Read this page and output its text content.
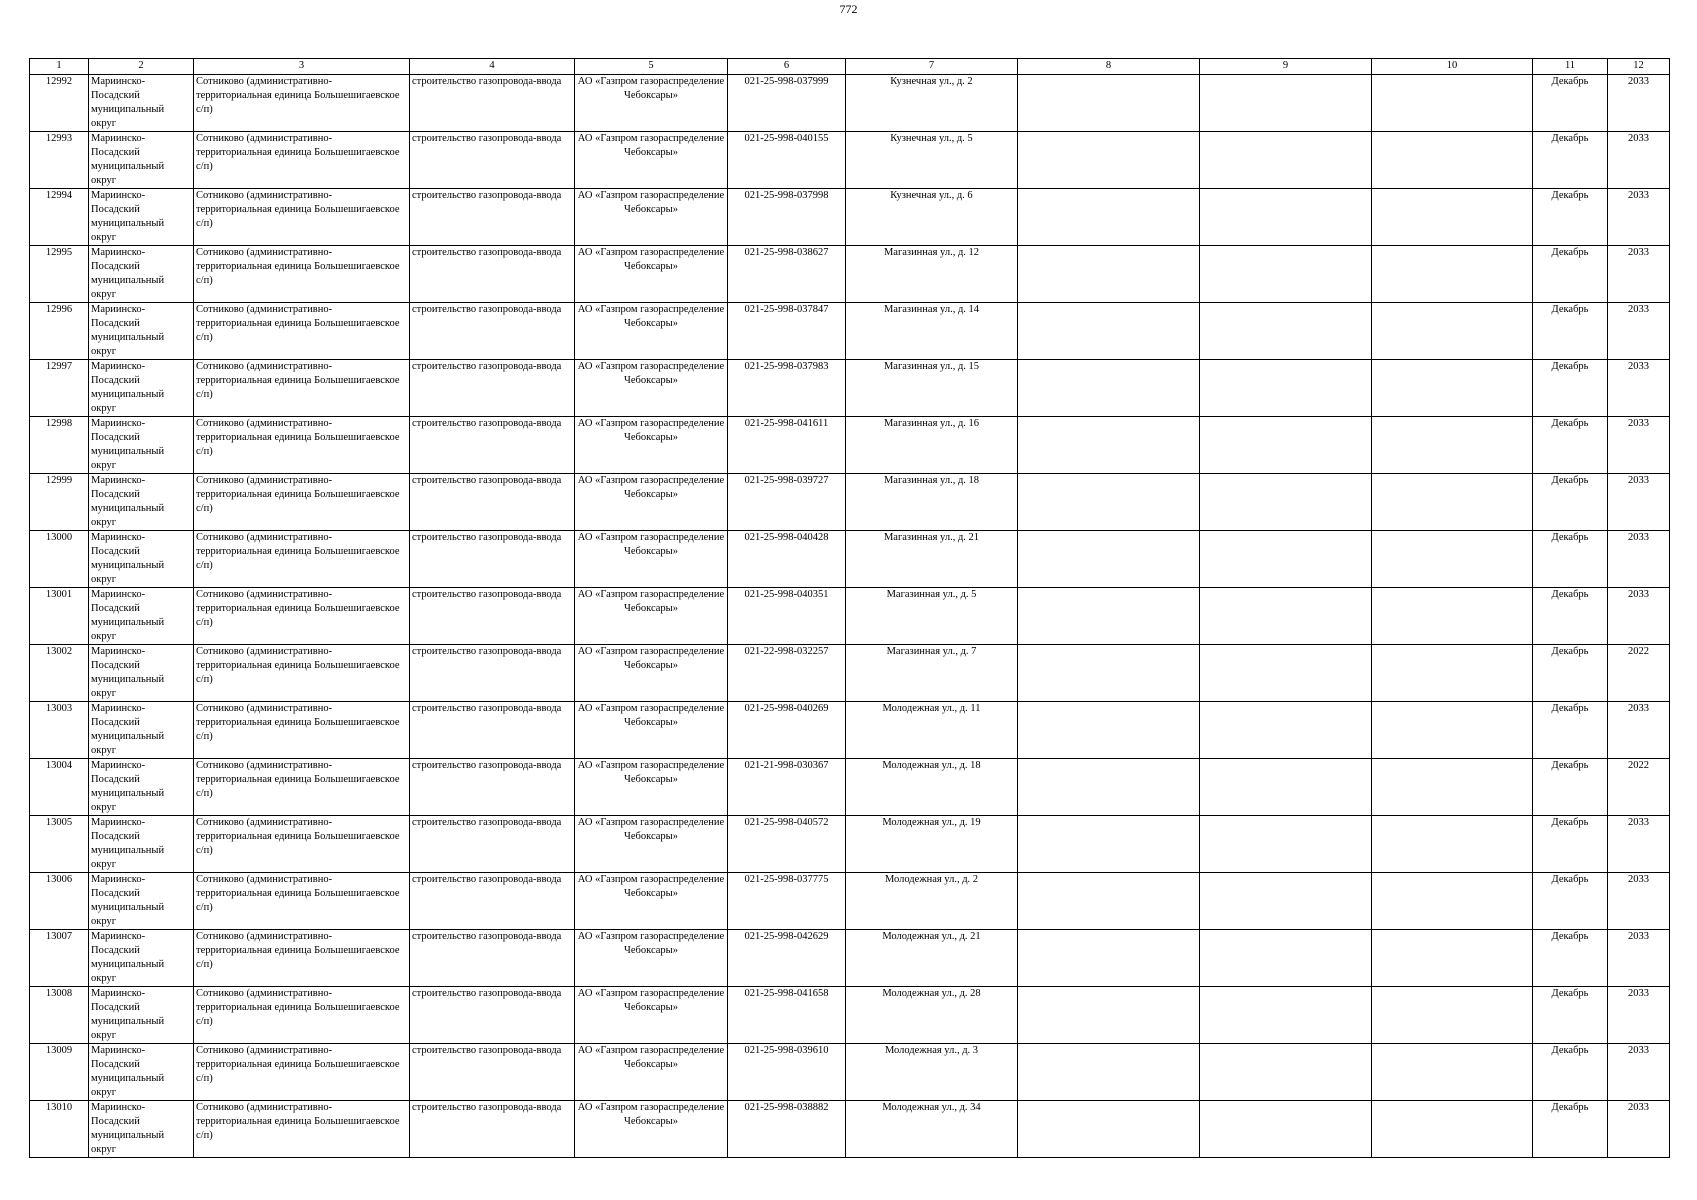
772
1	2	3	4	5	6	7	8	9	10	11	12
12992	Мариинско-Посадский муниципальный округ	Сотниково (административно-территориальная единица Большешигаевское с/п)	строительство газопровода-ввода	АО «Газпром газораспределение Чебоксары»	021-25-998-037999	Кузнечная ул., д. 2				Декабрь	2033
12993	Мариинско-Посадский муниципальный округ	Сотниково (административно-территориальная единица Большешигаевское с/п)	строительство газопровода-ввода	АО «Газпром газораспределение Чебоксары»	021-25-998-040155	Кузнечная ул., д. 5				Декабрь	2033
12994	Мариинско-Посадский муниципальный округ	Сотниково (административно-территориальная единица Большешигаевское с/п)	строительство газопровода-ввода	АО «Газпром газораспределение Чебоксары»	021-25-998-037998	Кузнечная ул., д. 6				Декабрь	2033
12995	Мариинско-Посадский муниципальный округ	Сотниково (административно-территориальная единица Большешигаевское с/п)	строительство газопровода-ввода	АО «Газпром газораспределение Чебоксары»	021-25-998-038627	Магазинная ул., д. 12				Декабрь	2033
12996	Мариинско-Посадский муниципальный округ	Сотниково (административно-территориальная единица Большешигаевское с/п)	строительство газопровода-ввода	АО «Газпром газораспределение Чебоксары»	021-25-998-037847	Магазинная ул., д. 14				Декабрь	2033
12997	Мариинско-Посадский муниципальный округ	Сотниково (административно-территориальная единица Большешигаевское с/п)	строительство газопровода-ввода	АО «Газпром газораспределение Чебоксары»	021-25-998-037983	Магазинная ул., д. 15				Декабрь	2033
12998	Мариинско-Посадский муниципальный округ	Сотниково (административно-территориальная единица Большешигаевское с/п)	строительство газопровода-ввода	АО «Газпром газораспределение Чебоксары»	021-25-998-041611	Магазинная ул., д. 16				Декабрь	2033
12999	Мариинско-Посадский муниципальный округ	Сотниково (административно-территориальная единица Большешигаевское с/п)	строительство газопровода-ввода	АО «Газпром газораспределение Чебоксары»	021-25-998-039727	Магазинная ул., д. 18				Декабрь	2033
13000	Мариинско-Посадский муниципальный округ	Сотниково (административно-территориальная единица Большешигаевское с/п)	строительство газопровода-ввода	АО «Газпром газораспределение Чебоксары»	021-25-998-040428	Магазинная ул., д. 21				Декабрь	2033
13001	Мариинско-Посадский муниципальный округ	Сотниково (административно-территориальная единица Большешигаевское с/п)	строительство газопровода-ввода	АО «Газпром газораспределение Чебоксары»	021-25-998-040351	Магазинная ул., д. 5				Декабрь	2033
13002	Мариинско-Посадский муниципальный округ	Сотниково (административно-территориальная единица Большешигаевское с/п)	строительство газопровода-ввода	АО «Газпром газораспределение Чебоксары»	021-22-998-032257	Магазинная ул., д. 7				Декабрь	2022
13003	Мариинско-Посадский муниципальный округ	Сотниково (административно-территориальная единица Большешигаевское с/п)	строительство газопровода-ввода	АО «Газпром газораспределение Чебоксары»	021-25-998-040269	Молодежная ул., д. 11				Декабрь	2033
13004	Мариинско-Посадский муниципальный округ	Сотниково (административно-территориальная единица Большешигаевское с/п)	строительство газопровода-ввода	АО «Газпром газораспределение Чебоксары»	021-21-998-030367	Молодежная ул., д. 18				Декабрь	2022
13005	Мариинско-Посадский муниципальный округ	Сотниково (административно-территориальная единица Большешигаевское с/п)	строительство газопровода-ввода	АО «Газпром газораспределение Чебоксары»	021-25-998-040572	Молодежная ул., д. 19				Декабрь	2033
13006	Мариинско-Посадский муниципальный округ	Сотниково (административно-территориальная единица Большешигаевское с/п)	строительство газопровода-ввода	АО «Газпром газораспределение Чебоксары»	021-25-998-037775	Молодежная ул., д. 2				Декабрь	2033
13007	Мариинско-Посадский муниципальный округ	Сотниково (административно-территориальная единица Большешигаевское с/п)	строительство газопровода-ввода	АО «Газпром газораспределение Чебоксары»	021-25-998-042629	Молодежная ул., д. 21				Декабрь	2033
13008	Мариинско-Посадский муниципальный округ	Сотниково (административно-территориальная единица Большешигаевское с/п)	строительство газопровода-ввода	АО «Газпром газораспределение Чебоксары»	021-25-998-041658	Молодежная ул., д. 28				Декабрь	2033
13009	Мариинско-Посадский муниципальный округ	Сотниково (административно-территориальная единица Большешигаевское с/п)	строительство газопровода-ввода	АО «Газпром газораспределение Чебоксары»	021-25-998-039610	Молодежная ул., д. 3				Декабрь	2033
13010	Мариинско-Посадский муниципальный округ	Сотниково (административно-территориальная единица Большешигаевское с/п)	строительство газопровода-ввода	АО «Газпром газораспределение Чебоксары»	021-25-998-038882	Молодежная ул., д. 34				Декабрь	2033
